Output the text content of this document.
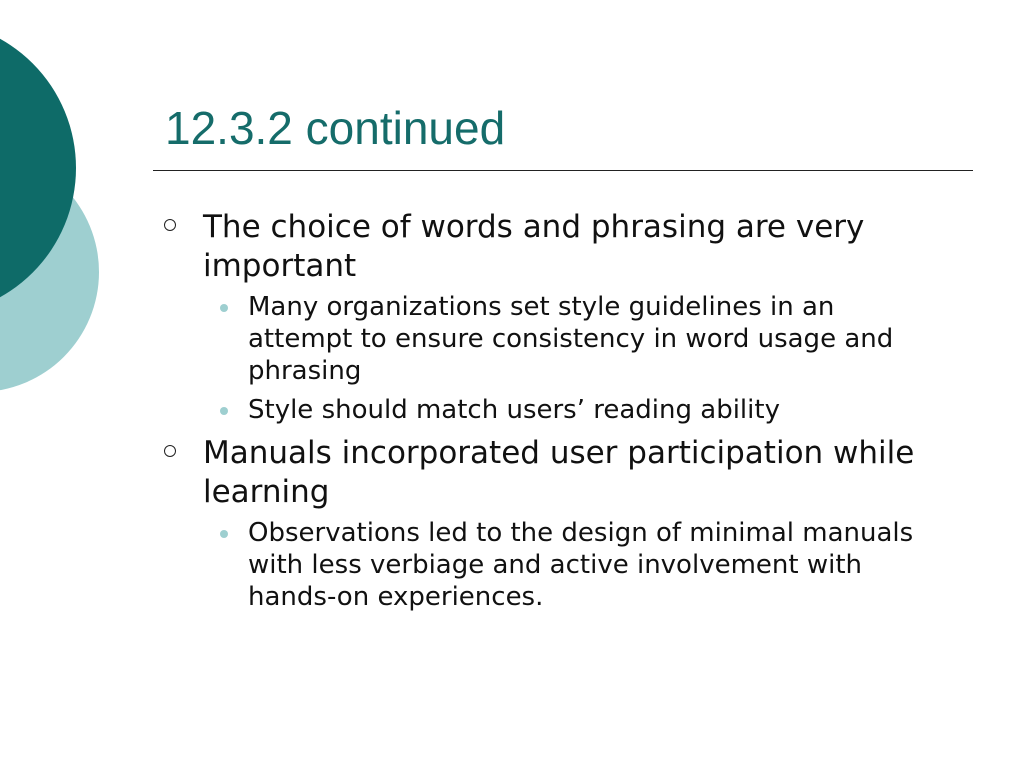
12.3.2 continued
The choice of words and phrasing are very important
Many organizations set style guidelines in an attempt to ensure consistency in word usage and phrasing
Style should match users’ reading ability
Manuals incorporated user participation while learning
Observations led to the design of minimal manuals with less verbiage and active involvement with hands-on experiences.
